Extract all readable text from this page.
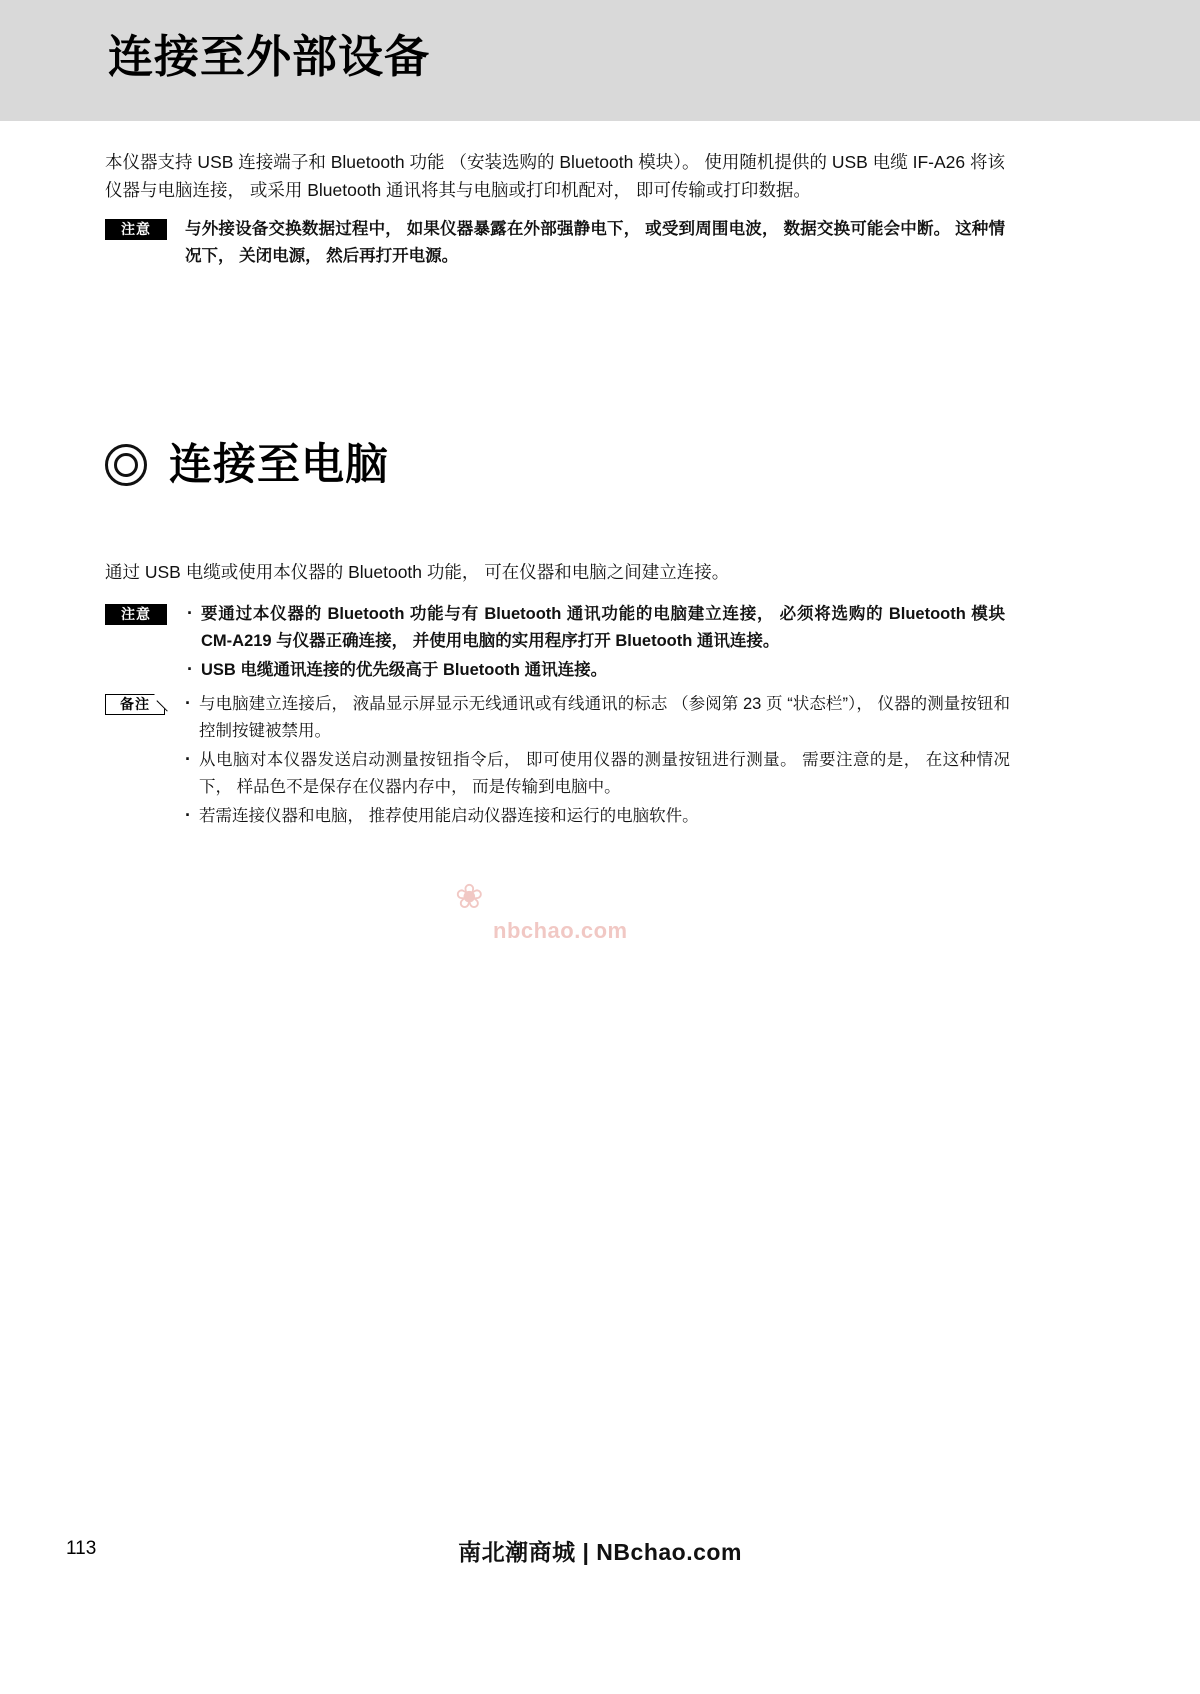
连接至外部设备
本仪器支持 USB 连接端子和 Bluetooth 功能 （安装选购的 Bluetooth 模块）。 使用随机提供的 USB 电缆 IF-A26 将该仪器与电脑连接， 或采用 Bluetooth 通讯将其与电脑或打印机配对， 即可传输或打印数据。
注意	与外接设备交换数据过程中， 如果仪器暴露在外部强静电下， 或受到周围电波， 数据交换可能会中断。 这种情况下， 关闭电源， 然后再打开电源。
连接至电脑
通过 USB 电缆或使用本仪器的 Bluetooth 功能， 可在仪器和电脑之间建立连接。
注意	· 要通过本仪器的 Bluetooth 功能与有 Bluetooth 通讯功能的电脑建立连接， 必须将选购的 Bluetooth 模块 CM-A219 与仪器正确连接， 并使用电脑的实用程序打开 Bluetooth 通讯连接。
· USB 电缆通讯连接的优先级高于 Bluetooth 通讯连接。
备注	· 与电脑建立连接后， 液晶显示屏显示无线通讯或有线通讯的标志 （参阅第 23 页 “状态栏”）， 仪器的测量按钮和控制按键被禁用。
· 从电脑对本仪器发送启动测量按钮指令后， 即可使用仪器的测量按钮进行测量。 需要注意的是， 在这种情况下， 样品色不是保存在仪器内存中， 而是传输到电脑中。
· 若需连接仪器和电脑， 推荐使用能启动仪器连接和运行的电脑软件。
❀
nbchao.com
113	南北潮商城 | NBchao.com
